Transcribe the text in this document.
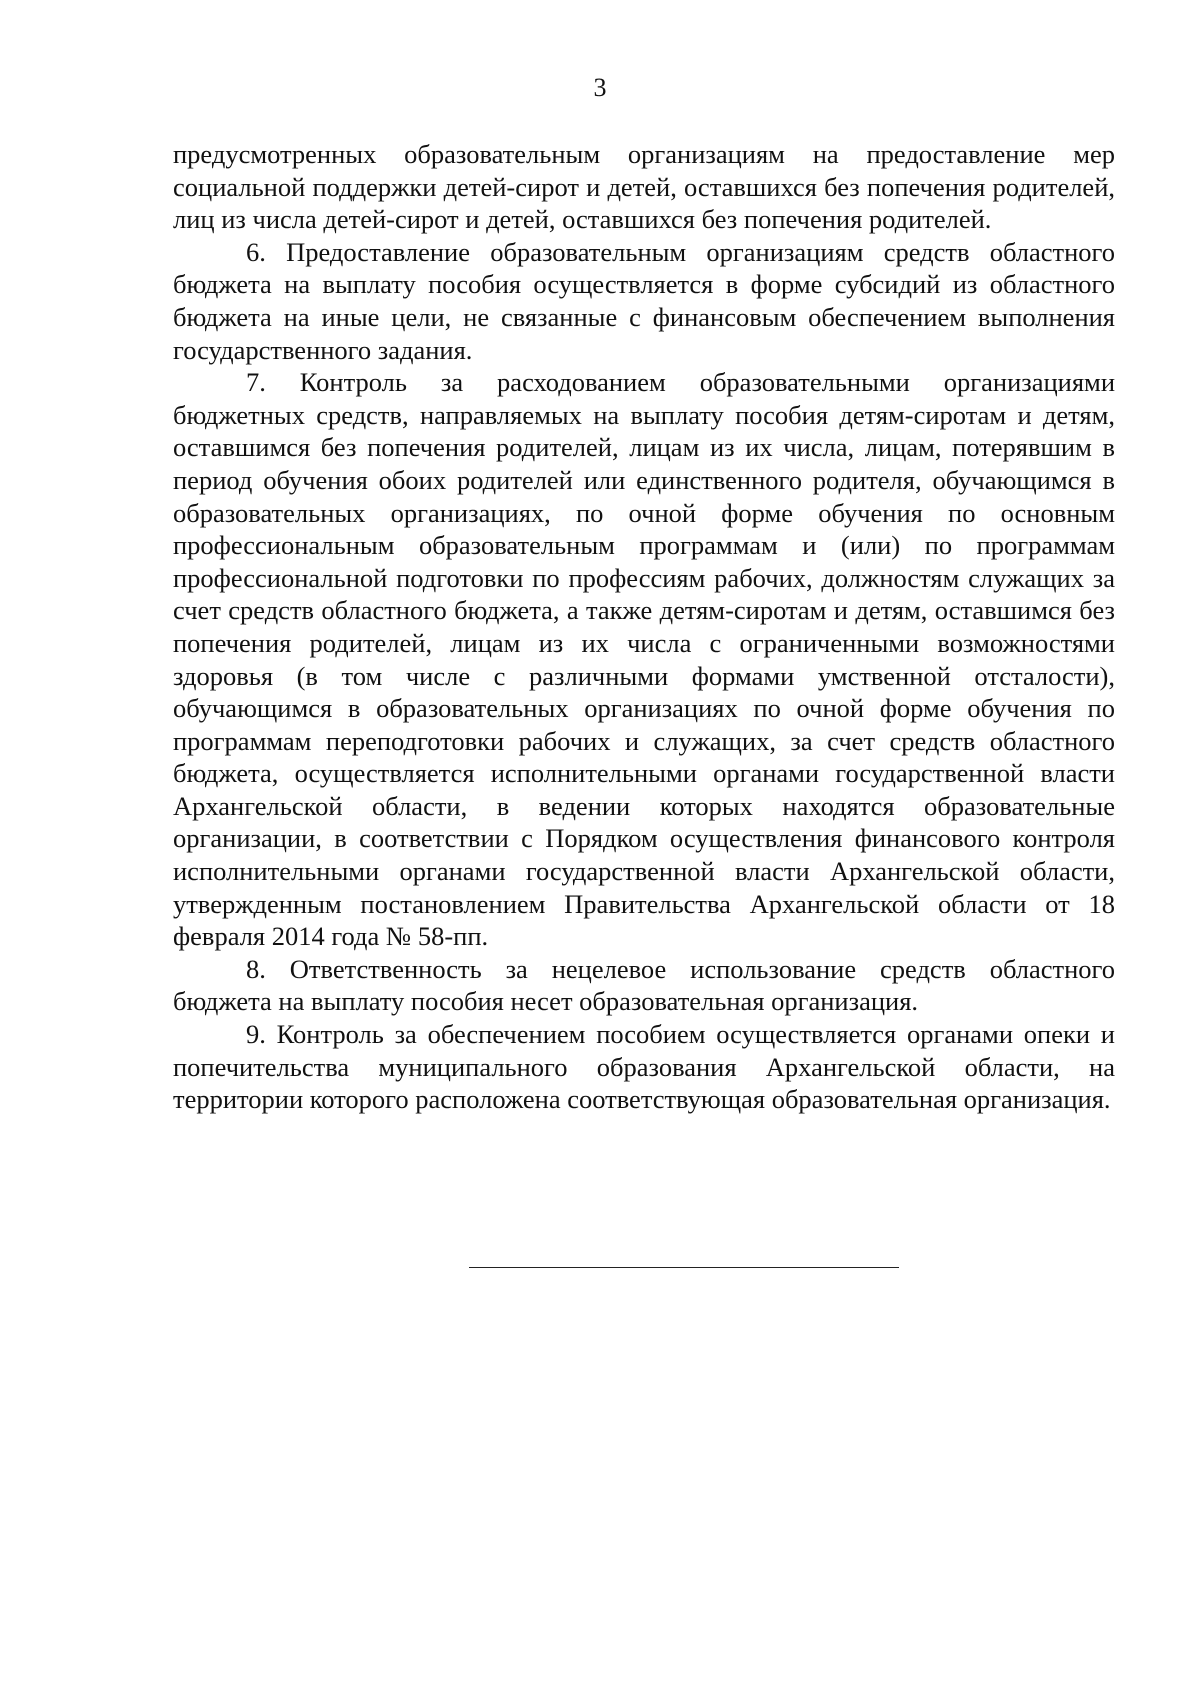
3

предусмотренных образовательным организациям на предоставление мер социальной поддержки детей-сирот и детей, оставшихся без попечения родителей, лиц из числа детей-сирот и детей, оставшихся без попечения родителей.

6. Предоставление образовательным организациям средств областного бюджета на выплату пособия осуществляется в форме субсидий из областного бюджета на иные цели, не связанные с финансовым обеспечением выполнения государственного задания.

7. Контроль за расходованием образовательными организациями бюджетных средств, направляемых на выплату пособия детям-сиротам и детям, оставшимся без попечения родителей, лицам из их числа, лицам, потерявшим в период обучения обоих родителей или единственного родителя, обучающимся в образовательных организациях, по очной форме обучения по основным профессиональным образовательным программам и (или) по программам профессиональной подготовки по профессиям рабочих, должностям служащих за счет средств областного бюджета, а также детям-сиротам и детям, оставшимся без попечения родителей, лицам из их числа с ограниченными возможностями здоровья (в том числе с различными формами умственной отсталости), обучающимся в образовательных организациях по очной форме обучения по программам переподготовки рабочих и служащих, за счет средств областного бюджета, осуществляется исполнительными органами государственной власти Архангельской области, в ведении которых находятся образовательные организации, в соответствии с Порядком осуществления финансового контроля исполнительными органами государственной власти Архангельской области, утвержденным постановлением Правительства Архангельской области от 18 февраля 2014 года № 58-пп.

8. Ответственность за нецелевое использование средств областного бюджета на выплату пособия несет образовательная организация.

9. Контроль за обеспечением пособием осуществляется органами опеки и попечительства муниципального образования Архангельской области, на территории которого расположена соответствующая образовательная организация.
